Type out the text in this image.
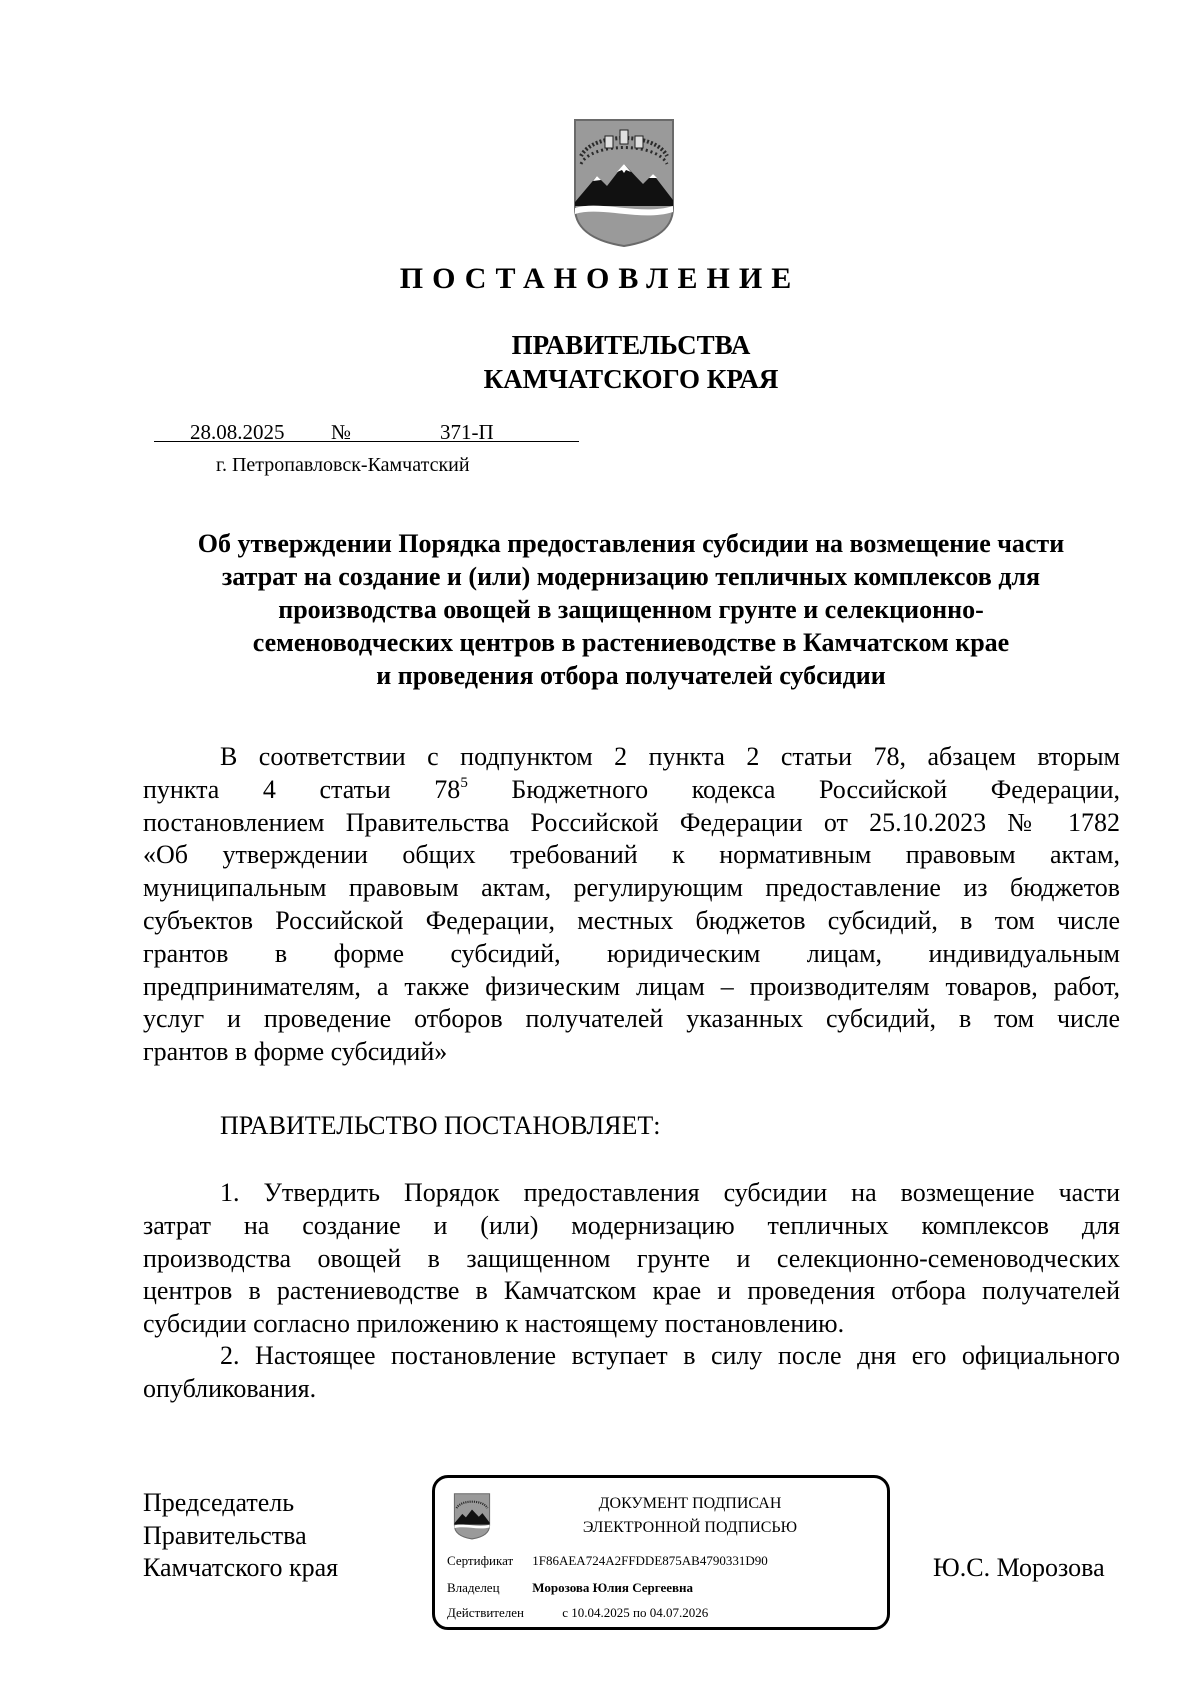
ПОСТАНОВЛЕНИЕ
ПРАВИТЕЛЬСТВА
КАМЧАТСКОГО КРАЯ
28.08.2025 №	371-П
г. Петропавловск-Камчатский
Об утверждении Порядка предоставления субсидии на возмещение части
затрат на создание и (или) модернизацию тепличных комплексов для
производства овощей в защищенном грунте и селекционно-
семеноводческих центров в растениеводстве в Камчатском крае
и проведения отбора получателей субсидии
В соответствии с подпунктом 2 пункта 2 статьи 78, абзацем вторым
пункта 4 статьи $78^5$ Бюджетного кодекса Российской Федерации,
постановлением Правительства Российской Федерации от 25.10.2023 № 1782
«Об утверждении общих требований к нормативным правовым актам,
муниципальным правовым актам, регулирующим предоставление из бюджетов
субъектов Российской Федерации, местных бюджетов субсидий, в том числе
грантов в форме субсидий, юридическим лицам, индивидуальным
предпринимателям, а также физическим лицам – производителям товаров, работ,
услуг и проведение отборов получателей указанных субсидий, в том числе
грантов в форме субсидий»
ПРАВИТЕЛЬСТВО ПОСТАНОВЛЯЕТ:
1. Утвердить Порядок предоставления субсидии на возмещение части
затрат на создание и (или) модернизацию тепличных комплексов для
производства овощей в защищенном грунте и селекционно-семеноводческих
центров в растениеводстве в Камчатском крае и проведения отбора получателей
субсидии согласно приложению к настоящему постановлению.
2. Настоящее постановление вступает в силу после дня его официального
опубликования.
Председатель
Правительства
Камчатского края
ДОКУМЕНТ ПОДПИСАН
ЭЛЕКТРОННОЙ ПОДПИСЬЮ
Сертификат 1F86AEA724A2FFDDE875AB4790331D90
Владелец	Морозова Юлия Сергеевна
Действителен	с 10.04.2025 по 04.07.2026
Ю.С. Морозова
